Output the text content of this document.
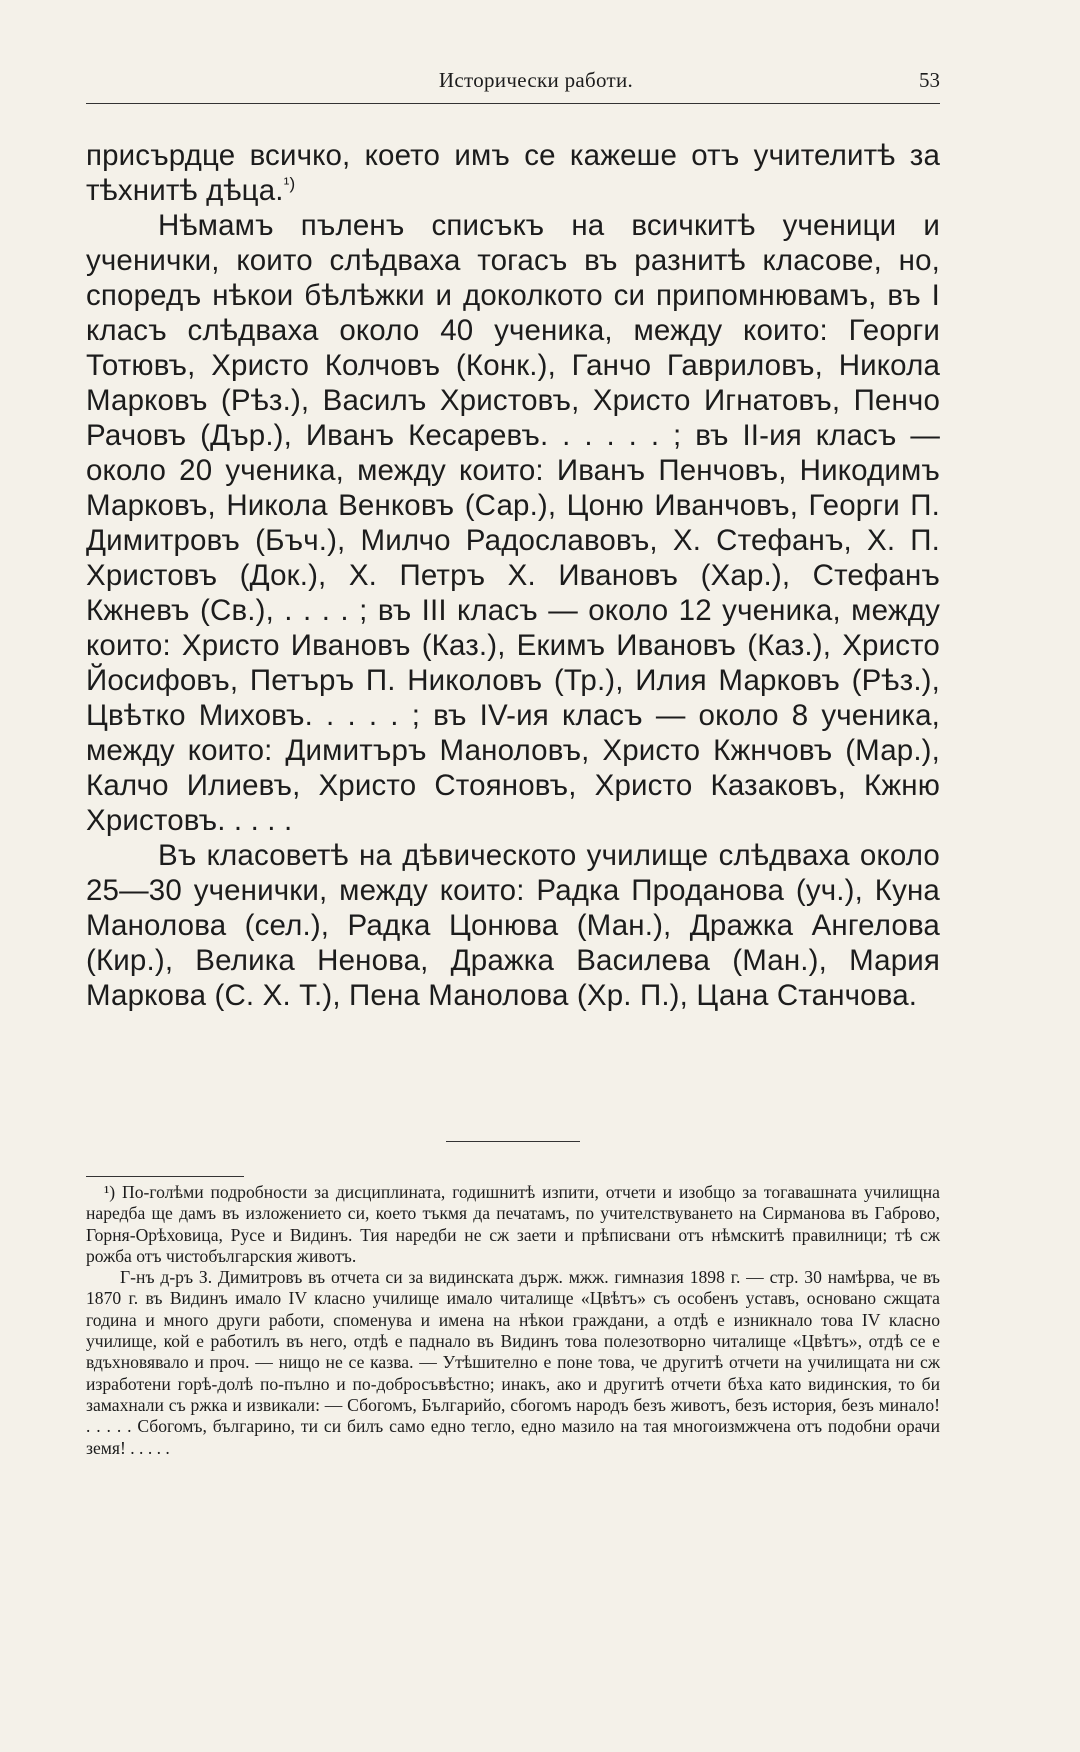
Исторически работи.	53

присърдце всичко, което имъ се кажеше отъ учителитѣ за тѣхнитѣ дѣца.$^{^1)}$

Нѣмамъ пъленъ списъкъ на всичкитѣ ученици и ученички, които слѣдваха тогасъ въ разнитѣ класове, но, споредъ нѣкои бѣлѣжки и доколкото си припомнювамъ, въ I класъ слѣдваха около 40 ученика, между които: Георги Тотювъ, Христо Колчовъ (Конк.), Ганчо Гавриловъ, Никола Марковъ (Рѣз.), Василъ Христовъ, Христо Игнатовъ, Пенчо Рачовъ (Дър.), Иванъ Кесаревъ. . . . . . ; въ II-ия класъ — около 20 ученика, между които: Иванъ Пенчовъ, Никодимъ Марковъ, Никола Венковъ (Сар.), Цоню Иванчовъ, Георги П. Димитровъ (Бъч.), Милчо Радославовъ, Х. Стефанъ, Х. П. Христовъ (Док.), Х. Петръ Х. Ивановъ (Хар.), Стефанъ Кжневъ (Св.), . . . . ; въ III класъ — около 12 ученика, между които: Христо Ивановъ (Каз.), Екимъ Ивановъ (Каз.), Христо Йосифовъ, Петъръ П. Николовъ (Тр.), Илия Марковъ (Рѣз.), Цвѣтко Миховъ. . . . . ; въ IV-ия класъ — около 8 ученика, между които: Димитъръ Маноловъ, Христо Кжнчовъ (Мар.), Калчо Илиевъ, Христо Стояновъ, Христо Казаковъ, Кжню Христовъ. . . . .

Въ класоветѣ на дѣвическото училище слѣдваха около 25—30 ученички, между които: Радка Проданова (уч.), Куна Манолова (сел.), Радка Цонюва (Ман.), Дражка Ангелова (Кир.), Велика Ненова, Дражка Василева (Ман.), Мария Маркова (С. Х. Т.), Пена Манолова (Хр. П.), Цана Станчова.

¹) По-голѣми подробности за дисциплината, годишнитѣ изпити, отчети и изобщо за тогавашната училищна наредба ще дамъ въ изложението си, което тъкмя да печатамъ, по учителствуването на Сирманова въ Габрово, Горня-Орѣховица, Русе и Видинъ. Тия наредби не сж заети и прѣписвани отъ нѣмскитѣ правилници; тѣ сж рожба отъ чистобългарския животъ.

Г-нъ д-ръ З. Димитровъ въ отчета си за видинската държ. мжж. гимназия 1898 г. — стр. 30 намѣрва, че въ 1870 г. въ Видинъ имало IV класно училище имало читалище «Цвѣтъ» съ особенъ уставъ, основано сжщата година и много други работи, споменува и имена на нѣкои граждани, а отдѣ е изникнало това IV класно училище, кой е работилъ въ него, отдѣ е паднало въ Видинъ това полезотворно читалище «Цвѣтъ», отдѣ се е вдъхновявало и проч. — нищо не се казва. — Утѣшително е поне това, че другитѣ отчети на училищата ни сж изработени горѣ-долѣ по-пълно и по-добросъвѣстно; инакъ, ако и другитѣ отчети бѣха като видинския, то би замахнали съ ржка и извикали: — Сбогомъ, Българийо, сбогомъ народъ безъ животъ, безъ история, безъ минало! . . . . . Сбогомъ, българино, ти си билъ само едно тегло, едно мазило на тая многоизмжчена отъ подобни орачи земя! . . . . .
